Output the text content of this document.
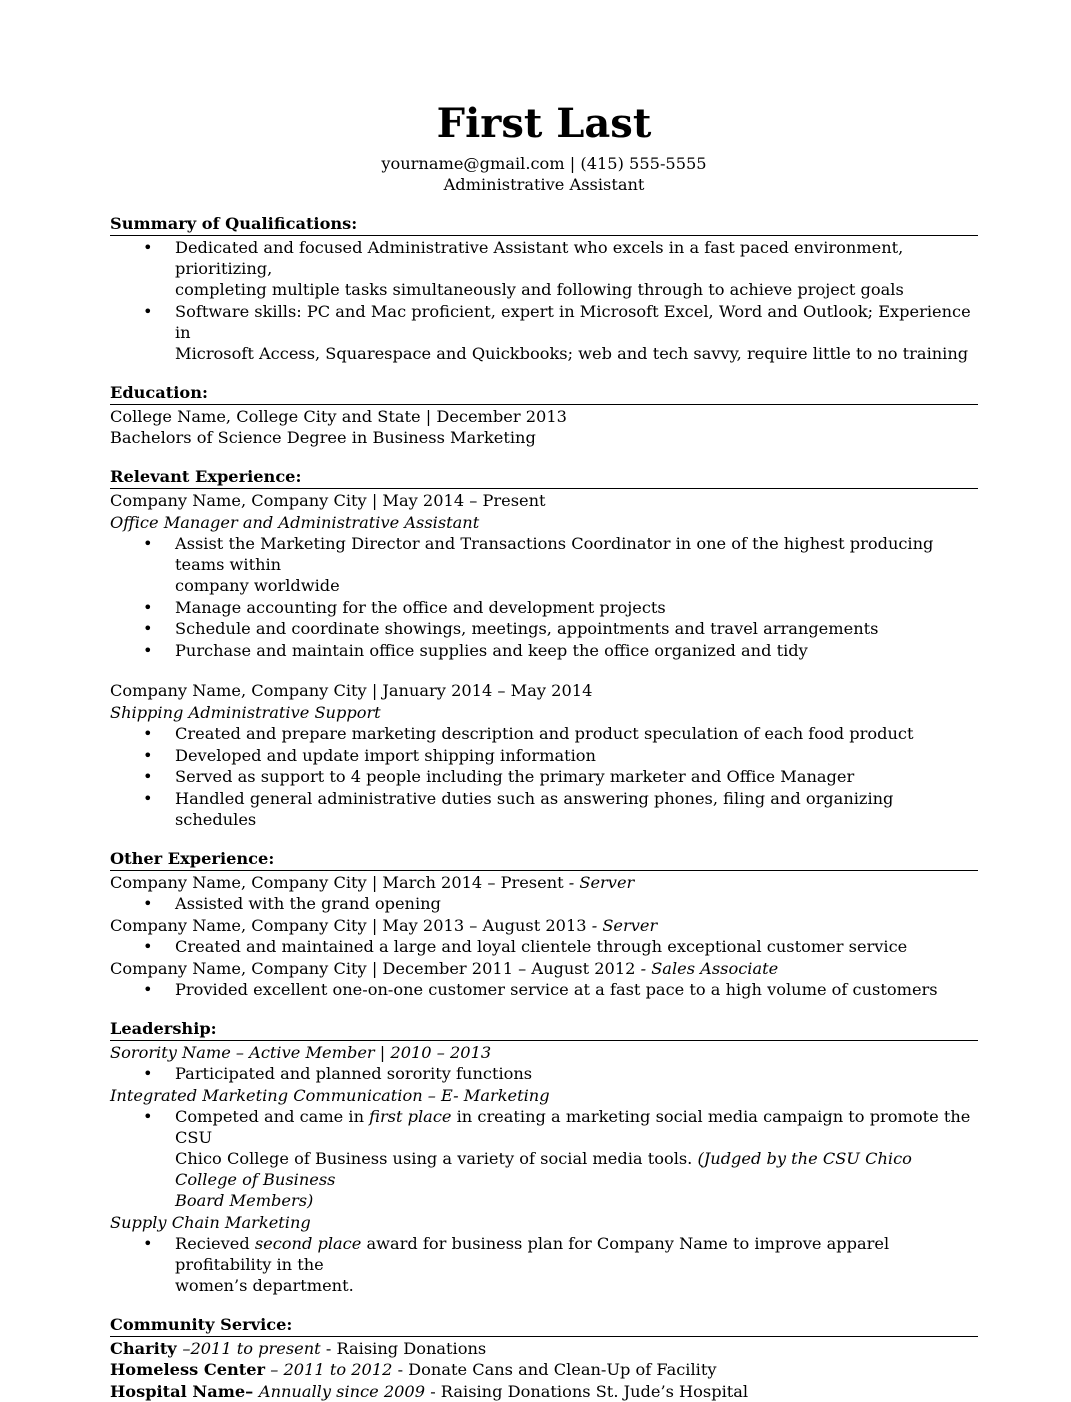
First Last
yourname@gmail.com | (415) 555-5555
Administrative Assistant
Summary of Qualifications:
• Dedicated and focused Administrative Assistant who excels in a fast paced environment, prioritizing,
completing multiple tasks simultaneously and following through to achieve project goals
• Software skills: PC and Mac proficient, expert in Microsoft Excel, Word and Outlook; Experience in
Microsoft Access, Squarespace and Quickbooks; web and tech savvy, require little to no training
Education:
College Name, College City and State | December 2013
Bachelors of Science Degree in Business Marketing
Relevant Experience:
Company Name, Company City | May 2014 – Present
Office Manager and Administrative Assistant
• Assist the Marketing Director and Transactions Coordinator in one of the highest producing teams within
company worldwide
• Manage accounting for the office and development projects
• Schedule and coordinate showings, meetings, appointments and travel arrangements
• Purchase and maintain office supplies and keep the office organized and tidy
Company Name, Company City | January 2014 – May 2014
Shipping Administrative Support
• Created and prepare marketing description and product speculation of each food product
• Developed and update import shipping information
• Served as support to 4 people including the primary marketer and Office Manager
• Handled general administrative duties such as answering phones, filing and organizing schedules
Other Experience:
Company Name, Company City | March 2014 – Present - Server
• Assisted with the grand opening
Company Name, Company City | May 2013 – August 2013 - Server
• Created and maintained a large and loyal clientele through exceptional customer service
Company Name, Company City | December 2011 – August 2012 - Sales Associate
• Provided excellent one-on-one customer service at a fast pace to a high volume of customers
Leadership:
Sorority Name – Active Member | 2010 – 2013
• Participated and planned sorority functions
Integrated Marketing Communication – E- Marketing
• Competed and came in first place in creating a marketing social media campaign to promote the CSU
Chico College of Business using a variety of social media tools. (Judged by the CSU Chico College of Business
Board Members)
Supply Chain Marketing
• Recieved second place award for business plan for Company Name to improve apparel profitability in the
women’s department.
Community Service:
Charity –2011 to present - Raising Donations
Homeless Center – 2011 to 2012 - Donate Cans and Clean-Up of Facility
Hospital Name– Annually since 2009 - Raising Donations St. Jude’s Hospital
